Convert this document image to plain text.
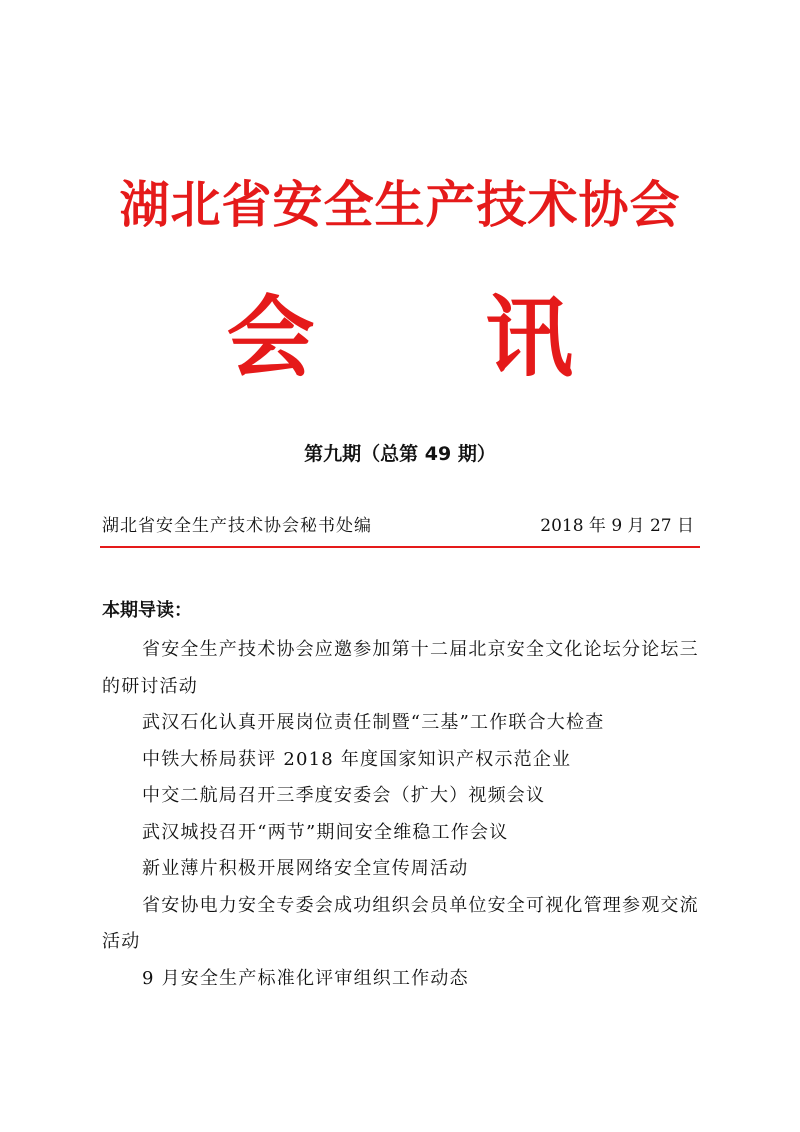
湖北省安全生产技术协会
会 讯
第九期（总第 49 期）
湖北省安全生产技术协会秘书处编	2018 年 9 月 27 日
本期导读：
省安全生产技术协会应邀参加第十二届北京安全文化论坛分论坛三的研讨活动
武汉石化认真开展岗位责任制暨“三基”工作联合大检查
中铁大桥局获评 2018 年度国家知识产权示范企业
中交二航局召开三季度安委会（扩大）视频会议
武汉城投召开“两节”期间安全维稳工作会议
新业薄片积极开展网络安全宣传周活动
省安协电力安全专委会成功组织会员单位安全可视化管理参观交流活动
9 月安全生产标准化评审组织工作动态
